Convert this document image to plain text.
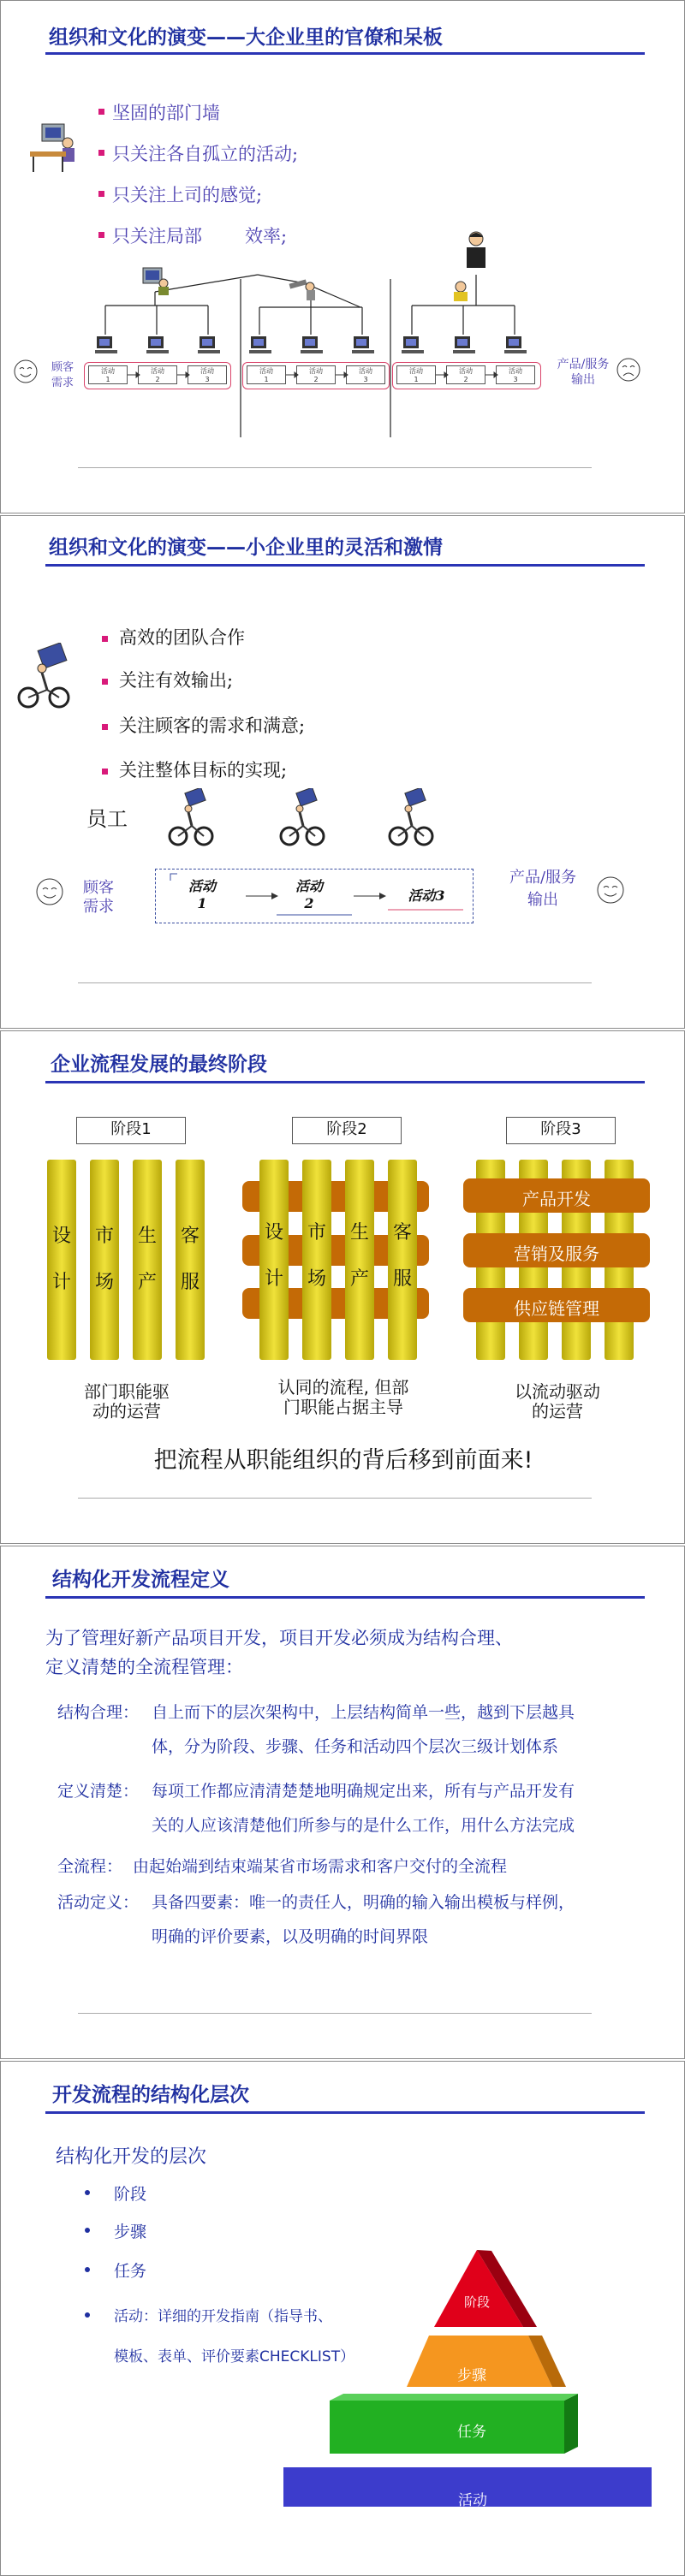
组织和文化的演变——大企业里的官僚和呆板
坚固的部门墙
只关注各自孤立的活动;
只关注上司的感觉;
只关注局部 效率;
顾客
需求
产品/服务
输出
活动
1
活动
2
活动
3
活动
1
活动
2
活动
3
活动
1
活动
2
活动
3
组织和文化的演变——小企业里的灵活和激情
高效的团队合作
关注有效输出;
关注顾客的需求和满意;
关注整体目标的实现;
员工
顾客
需求
产品/服务
输出
活动
1
活动
2	活动3
企业流程发展的最终阶段
阶段1	阶段2	阶段3
设
计
市
场
生
产
客
服
设
计
市
场
生
产
客
服
产品开发
营销及服务
供应链管理
部门职能驱
动的运营
认同的流程, 但部
门职能占据主导
以流动驱动
的运营
把流程从职能组织的背后移到前面来!
结构化开发流程定义
为了管理好新产品项目开发，项目开发必须成为结构合理、
定义清楚的全流程管理：
结构合理： 自上而下的层次架构中，上层结构简单一些，越到下层越具
体，分为阶段、步骤、任务和活动四个层次三级计划体系
定义清楚： 每项工作都应清清楚楚地明确规定出来，所有与产品开发有
关的人应该清楚他们所参与的是什么工作，用什么方法完成
全流程： 由起始端到结束端某省市场需求和客户交付的全流程
活动定义： 具备四要素：唯一的责任人，明确的输入输出模板与样例，
明确的评价要素，以及明确的时间界限
开发流程的结构化层次
结构化开发的层次
阶段
步骤
任务
活动：详细的开发指南（指导书、
模板、表单、评价要素CHECKLIST）
阶段
步骤
任务
活动
